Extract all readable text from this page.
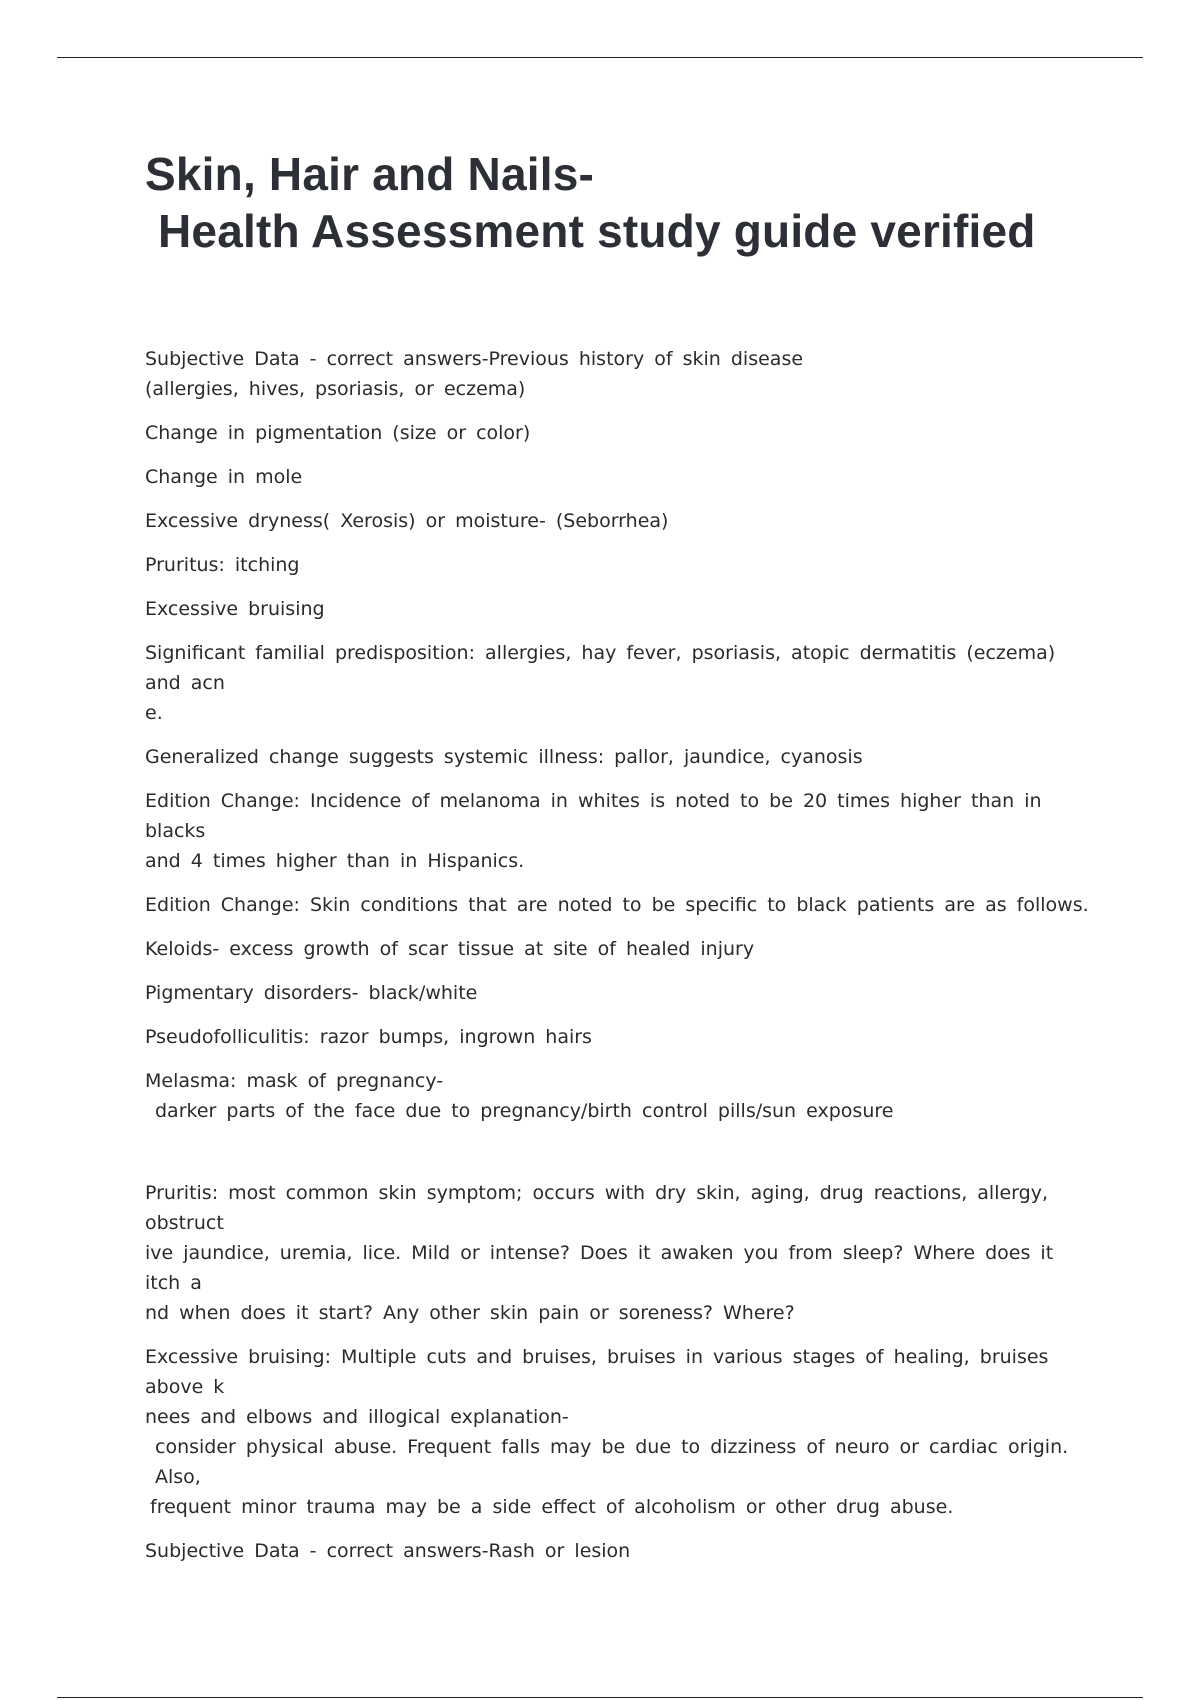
Skin, Hair and Nails-
Health Assessment study guide verified

Subjective Data - correct answers-Previous history of skin disease
(allergies, hives, psoriasis, or eczema)

Change in pigmentation (size or color)

Change in mole

Excessive dryness( Xerosis) or moisture- (Seborrhea)

Pruritus: itching

Excessive bruising

Significant familial predisposition: allergies, hay fever, psoriasis, atopic dermatitis (eczema) and acn
e.

Generalized change suggests systemic illness: pallor, jaundice, cyanosis

Edition Change: Incidence of melanoma in whites is noted to be 20 times higher than in blacks
and 4 times higher than in Hispanics.

Edition Change: Skin conditions that are noted to be specific to black patients are as follows.

Keloids- excess growth of scar tissue at site of healed injury

Pigmentary disorders- black/white

Pseudofolliculitis: razor bumps, ingrown hairs

Melasma: mask of pregnancy-
darker parts of the face due to pregnancy/birth control pills/sun exposure

Pruritis: most common skin symptom; occurs with dry skin, aging, drug reactions, allergy, obstruct
ive jaundice, uremia, lice. Mild or intense? Does it awaken you from sleep? Where does it itch a
nd when does it start? Any other skin pain or soreness? Where?

Excessive bruising: Multiple cuts and bruises, bruises in various stages of healing, bruises above k
nees and elbows and illogical explanation-
consider physical abuse. Frequent falls may be due to dizziness of neuro or cardiac origin. Also,
frequent minor trauma may be a side effect of alcoholism or other drug abuse.

Subjective Data - correct answers-Rash or lesion
